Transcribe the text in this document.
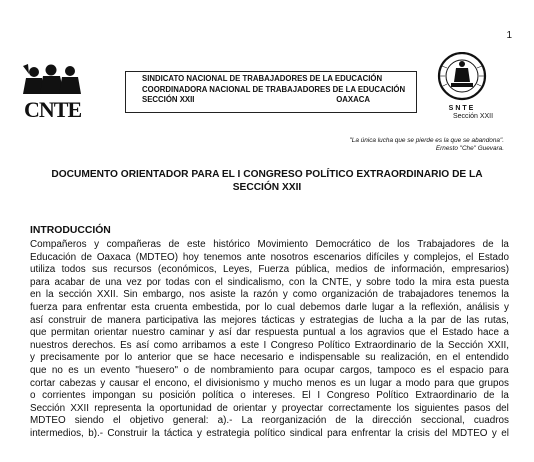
1
CNTE
SINDICATO NACIONAL DE TRABAJADORES DE LA EDUCACIÓN
COORDINADORA NACIONAL DE TRABAJADORES DE LA EDUCACIÓN
SECCIÓN XXII	OAXACA
SNTE
Sección XXII
"La única lucha que se pierde es la que se abandona".
Ernesto "Che" Guevara.
DOCUMENTO ORIENTADOR PARA EL I CONGRESO POLÍTICO EXTRAORDINARIO DE LA
SECCIÓN XXII
INTRODUCCIÓN
Compañeros y compañeras de este histórico Movimiento Democrático de los Trabajadores de la
Educación de Oaxaca (MDTEO) hoy tenemos ante nosotros escenarios difíciles y complejos, el Estado
utiliza todos sus recursos (económicos, Leyes, Fuerza pública, medios de información, empresarios)
para acabar de una vez por todas con el sindicalismo, con la CNTE, y sobre todo la mira esta puesta
en la sección XXII. Sin embargo, nos asiste la razón y como organización de trabajadores tenemos la
fuerza para enfrentar esta cruenta embestida, por lo cual debemos darle lugar a la reflexión, análisis y
así construir de manera participativa las mejores tácticas y estrategias de lucha a la par de las rutas,
que permitan orientar nuestro caminar y así dar respuesta puntual a los agravios que el Estado hace a
nuestros derechos. Es así como arribamos a este I Congreso Político Extraordinario de la Sección XXII,
y precisamente por lo anterior que se hace necesario e indispensable su realización, en el entendido
que no es un evento "huesero" o de nombramiento para ocupar cargos, tampoco es el espacio para
cortar cabezas y causar el encono, el divisionismo y mucho menos es un lugar a modo para que grupos
o corrientes impongan su posición política o intereses. El I Congreso Político Extraordinario de la
Sección XXII representa la oportunidad de orientar y proyectar correctamente los siguientes pasos del
MDTEO siendo el objetivo general: a).- La reorganización de la dirección seccional, cuadros
intermedios, b).- Construir la táctica y estrategia político sindical para enfrentar la crisis del MDTEO y el
